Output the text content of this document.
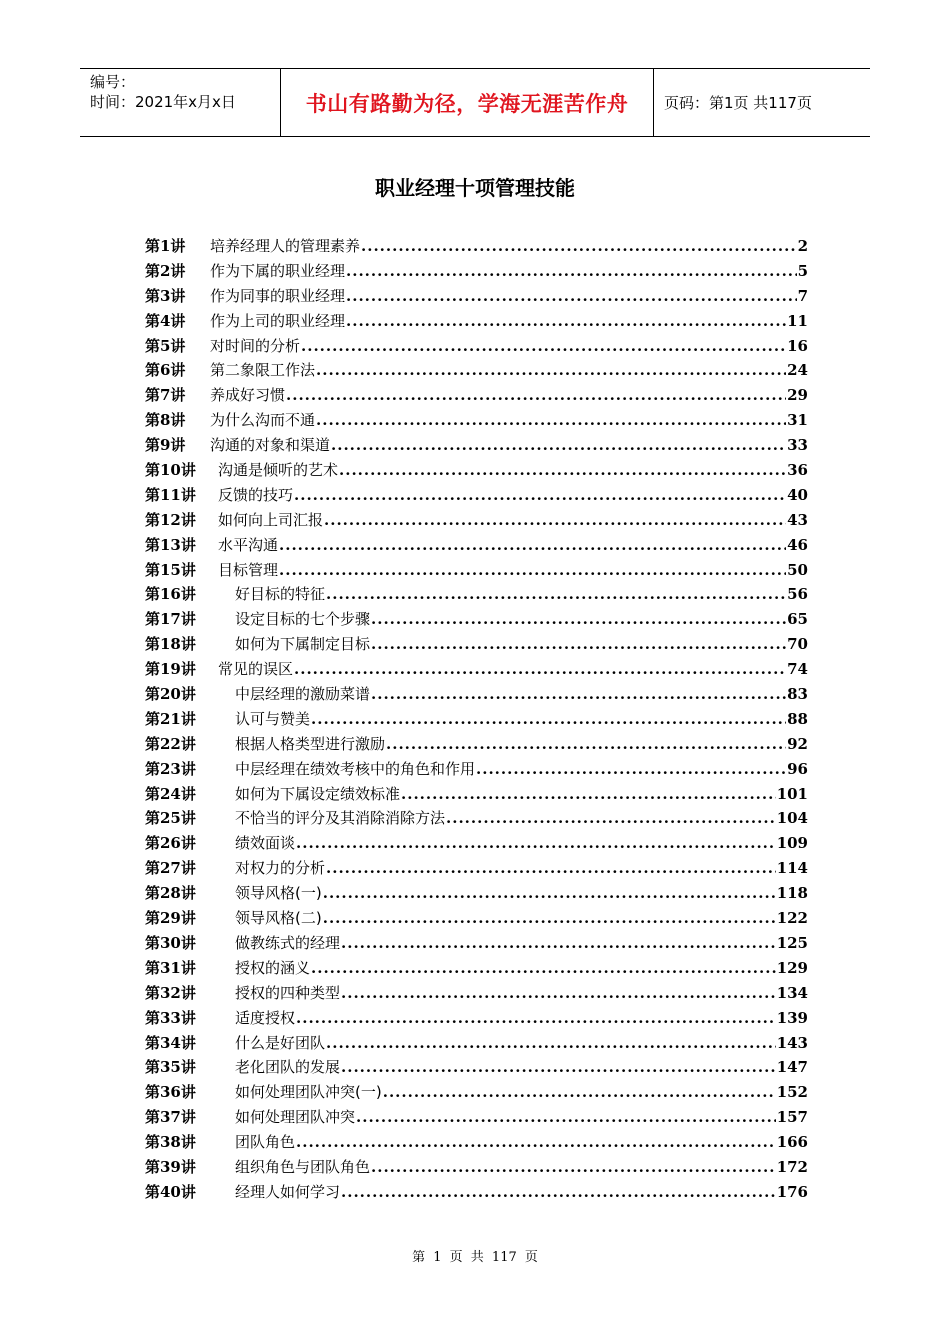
编号：
时间：2021年x月x日	书山有路勤为径，学海无涯苦作舟 页码：第1页 共117页
职业经理十项管理技能
第1讲	培养经理人的管理素养 .....	2
第2讲	作为下属的职业经理 .....	5
第3讲	作为同事的职业经理 .....	7
第4讲	作为上司的职业经理 .....	11
第5讲	对时间的分析 .....	16
第6讲	第二象限工作法 .....	24
第7讲	养成好习惯 .....	29
第8讲	为什么沟而不通 .....	31
第9讲	沟通的对象和渠道 .....	33
第10讲	沟通是倾听的艺术 .....	36
第11讲	反馈的技巧 .....	40
第12讲	如何向上司汇报 .....	43
第13讲	水平沟通 .....	46
第15讲	目标管理 .....	50
第16讲	好目标的特征 .....	56
第17讲	设定目标的七个步骤 .....	65
第18讲	如何为下属制定目标 .....	70
第19讲	常见的误区 .....	74
第20讲	中层经理的激励菜谱 .....	83
第21讲	认可与赞美 .....	88
第22讲	根据人格类型进行激励 .....	92
第23讲	中层经理在绩效考核中的角色和作用 .....	96
第24讲	如何为下属设定绩效标准 .....	101
第25讲	不恰当的评分及其消除消除方法 .....	104
第26讲	绩效面谈 .....	109
第27讲	对权力的分析 .....	114
第28讲	领导风格(一) .....	118
第29讲	领导风格(二) .....	122
第30讲	做教练式的经理 .....	125
第31讲	授权的涵义 .....	129
第32讲	授权的四种类型 .....	134
第33讲	适度授权 .....	139
第34讲	什么是好团队 .....	143
第35讲	老化团队的发展 .....	147
第36讲	如何处理团队冲突(一) .....	152
第37讲	如何处理团队冲突 .....	157
第38讲	团队角色 .....	166
第39讲	组织角色与团队角色 .....	172
第40讲	经理人如何学习 .....	176
第 1 页 共 117 页
